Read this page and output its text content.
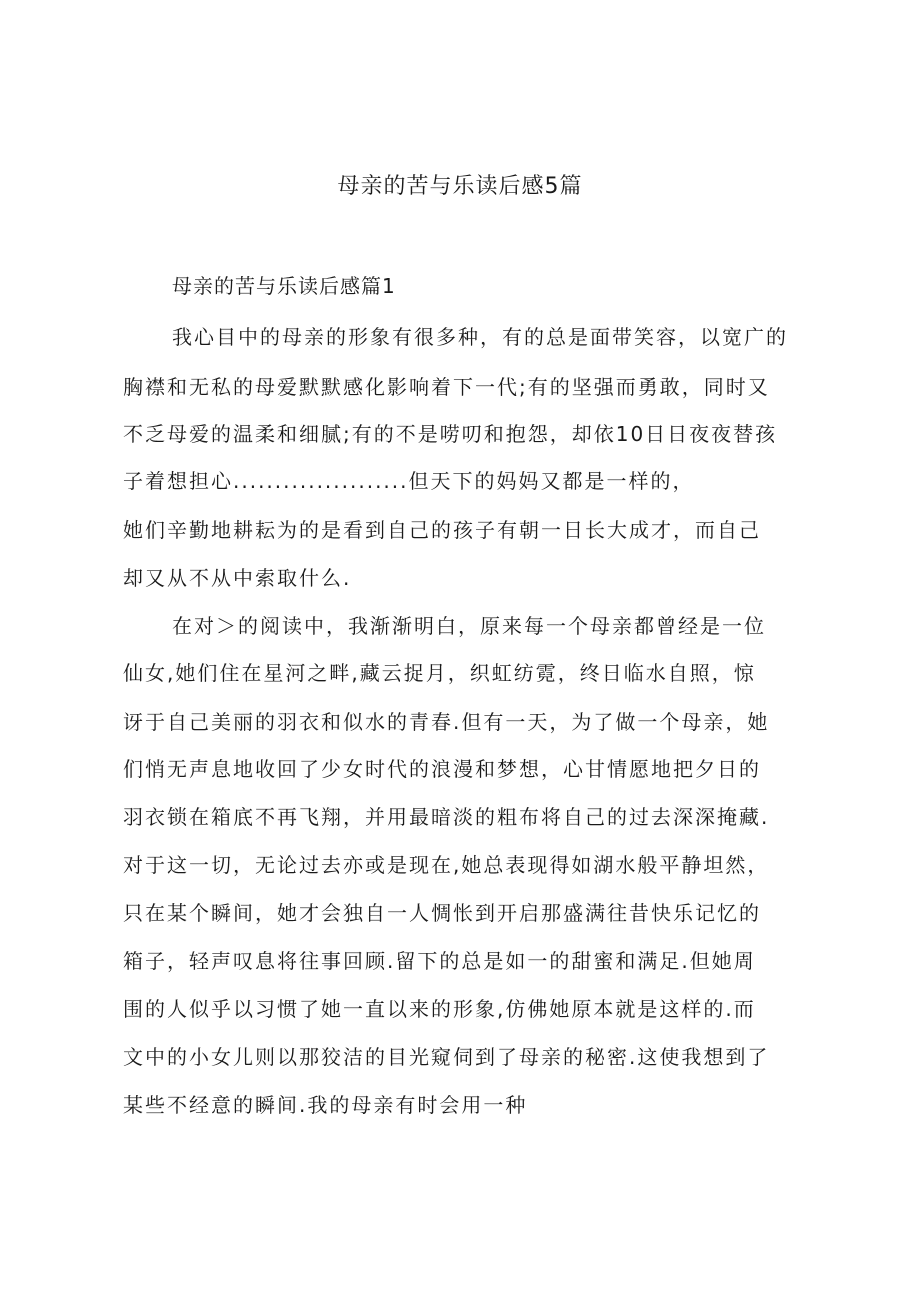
母亲的苦与乐读后感5篇
母亲的苦与乐读后感篇1

我心目中的母亲的形象有很多种，有的总是面带笑容，以宽广的

胸襟和无私的母爱默默感化影响着下一代;有的坚强而勇敢，同时又

不乏母爱的温柔和细腻;有的不是唠叨和抱怨，却依10日日夜夜替孩

子着想担心.....................但天下的妈妈又都是一样的，

她们辛勤地耕耘为的是看到自己的孩子有朝一日长大成才，而自己

却又从不从中索取什么.

在对＞的阅读中，我渐渐明白，原来每一个母亲都曾经是一位

仙女,她们住在星河之畔,藏云捉月，织虹纺霓，终日临水自照，惊

讶于自己美丽的羽衣和似水的青春.但有一天，为了做一个母亲，她

们悄无声息地收回了少女时代的浪漫和梦想，心甘情愿地把夕日的

羽衣锁在箱底不再飞翔，并用最暗淡的粗布将自己的过去深深掩藏.

对于这一切，无论过去亦或是现在,她总表现得如湖水般平静坦然，

只在某个瞬间，她才会独自一人惆怅到开启那盛满往昔快乐记忆的

箱子，轻声叹息将往事回顾.留下的总是如一的甜蜜和满足.但她周

围的人似乎以习惯了她一直以来的形象,仿佛她原本就是这样的.而

文中的小女儿则以那狡洁的目光窥伺到了母亲的秘密.这使我想到了

某些不经意的瞬间.我的母亲有时会用一种
